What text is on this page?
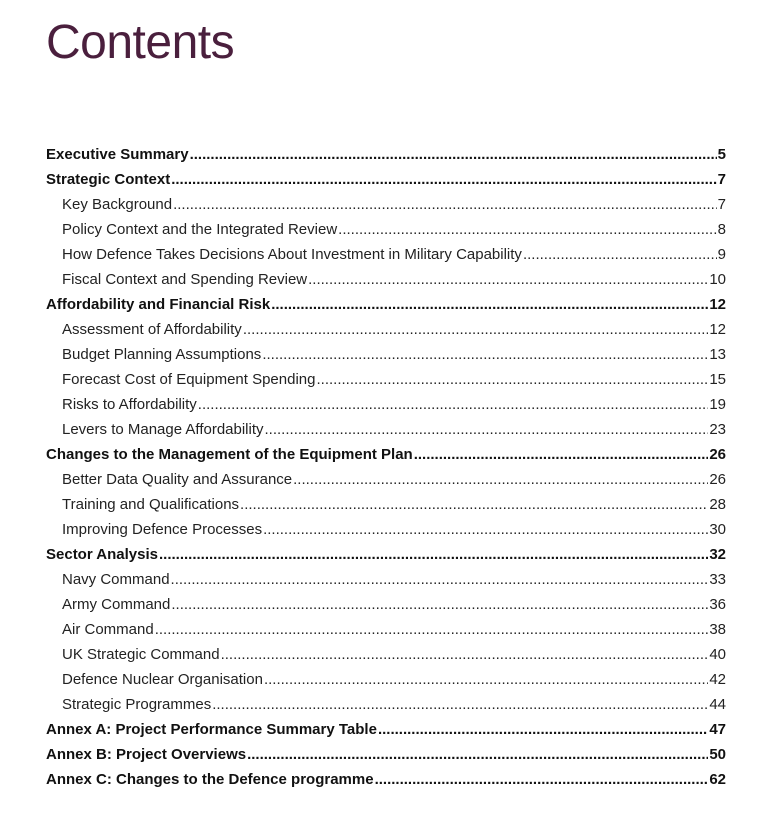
Contents
Executive Summary .....	5
Strategic Context .....	7
Key Background .....	7
Policy Context and the Integrated Review .....	8
How Defence Takes Decisions About Investment in Military Capability .....	9
Fiscal Context and Spending Review .....	10
Affordability and Financial Risk .....	12
Assessment of Affordability .....	12
Budget Planning Assumptions .....	13
Forecast Cost of Equipment Spending .....	15
Risks to Affordability .....	19
Levers to Manage Affordability .....	23
Changes to the Management of the Equipment Plan .....	26
Better Data Quality and Assurance .....	26
Training and Qualifications .....	28
Improving Defence Processes .....	30
Sector Analysis .....	32
Navy Command .....	33
Army Command .....	36
Air Command .....	38
UK Strategic Command .....	40
Defence Nuclear Organisation .....	42
Strategic Programmes .....	44
Annex A: Project Performance Summary Table .....	47
Annex B: Project Overviews .....	50
Annex C: Changes to the Defence programme .....	62
